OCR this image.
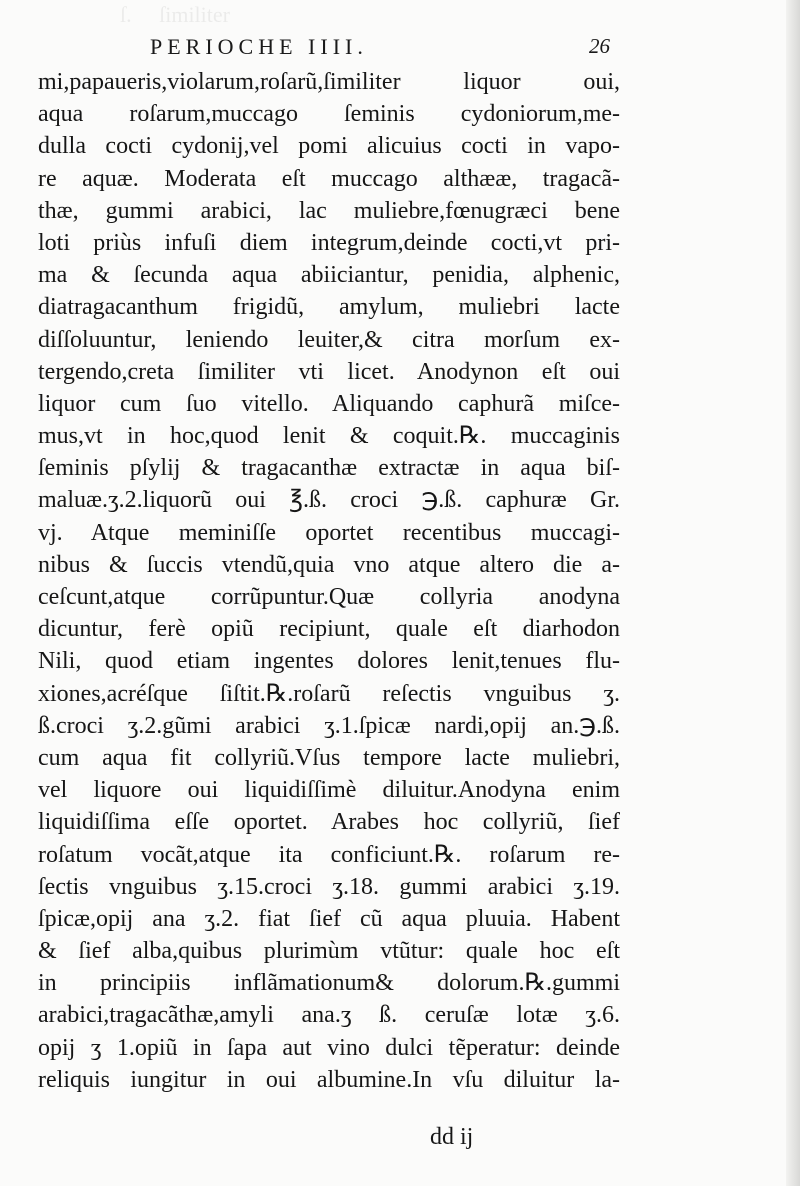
ſ.     ſimiliter
PERIOCHE IIII.	26
mi,papaueris,violarum,roſarũ,ſimiliter liquor oui,
aqua roſarum,muccago ſeminis cydoniorum,me-
dulla cocti cydonij,vel pomi alicuius cocti in vapo-
re aquæ. Moderata eſt muccago althææ, tragacã-
thæ, gummi arabici, lac muliebre,fœnugræci bene
loti priùs infuſi diem integrum,deinde cocti,vt pri-
ma & ſecunda aqua abiiciantur, penidia, alphenic,
diatragacanthum frigidũ, amylum, muliebri lacte
diſſoluuntur, leniendo leuiter,& citra morſum ex-
tergendo,creta ſimiliter vti licet. Anodynon eſt oui
liquor cum ſuo vitello. Aliquando caphurã miſce-
mus,vt in hoc,quod lenit & coquit.℞. muccaginis
ſeminis pſylij & tragacanthæ extractæ in aqua biſ-
maluæ.ʒ.2.liquorũ oui ℥.ß. croci ℈.ß. caphuræ Gr.
vj. Atque meminiſſe oportet recentibus muccagi-
nibus & ſuccis vtendũ,quia vno atque altero die a-
ceſcunt,atque corrũpuntur.Quæ collyria anodyna
dicuntur, ferè opiũ recipiunt, quale eſt diarhodon
Nili, quod etiam ingentes dolores lenit,tenues flu-
xiones,acréſque ſiſtit.℞.roſarũ reſectis vnguibus ʒ.
ß.croci ʒ.2.gũmi arabici ʒ.1.ſpicæ nardi,opij an.℈.ß.
cum aqua fit collyriũ.Vſus tempore lacte muliebri,
vel liquore oui liquidiſſimè diluitur.Anodyna enim
liquidiſſima eſſe oportet. Arabes hoc collyriũ, ſief
roſatum vocãt,atque ita conficiunt.℞. roſarum re-
ſectis vnguibus ʒ.15.croci ʒ.18. gummi arabici ʒ.19.
ſpicæ,opij ana ʒ.2. fiat ſief cũ aqua pluuia. Habent
& ſief alba,quibus plurimùm vtũtur: quale hoc eſt
in principiis inflãmationum& dolorum.℞.gummi
arabici,tragacãthæ,amyli ana.ʒ ß. ceruſæ lotæ ʒ.6.
opij ʒ 1.opiũ in ſapa aut vino dulci tẽperatur: deinde
reliquis iungitur in oui albumine.In vſu diluitur la-
dd ij
